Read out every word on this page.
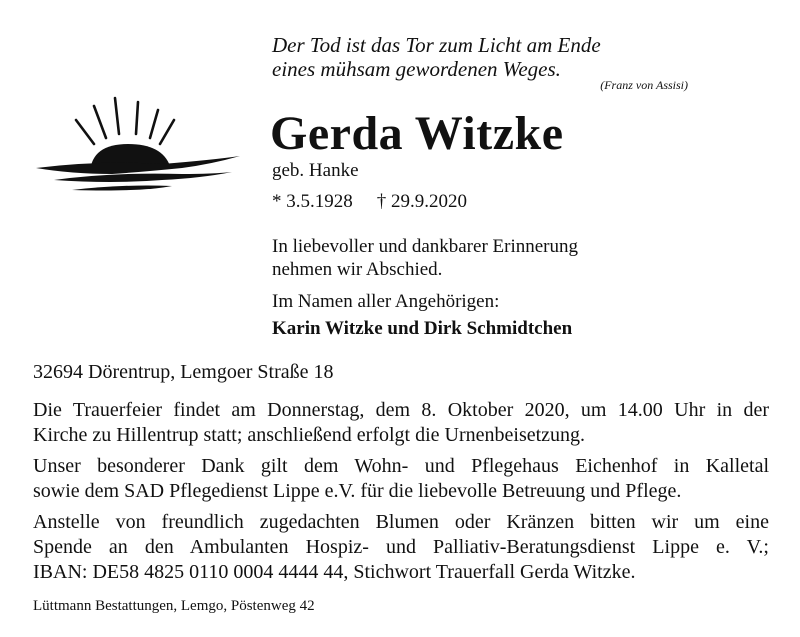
Der Tod ist das Tor zum Licht am Ende
eines mühsam gewordenen Weges.
(Franz von Assisi)
Gerda Witzke
geb. Hanke
* 3.5.1928 † 29.9.2020
In liebevoller und dankbarer Erinnerung
nehmen wir Abschied.
Im Namen aller Angehörigen:
Karin Witzke und Dirk Schmidtchen
32694 Dörentrup, Lemgoer Straße 18
Die Trauerfeier findet am Donnerstag, dem 8. Oktober 2020, um 14.00 Uhr in der
Kirche zu Hillentrup statt; anschließend erfolgt die Urnenbeisetzung.
Unser besonderer Dank gilt dem Wohn- und Pflegehaus Eichenhof in Kalletal
sowie dem SAD Pflegedienst Lippe e.V. für die liebevolle Betreuung und Pflege.
Anstelle von freundlich zugedachten Blumen oder Kränzen bitten wir um eine
Spende an den Ambulanten Hospiz- und Palliativ-Beratungsdienst Lippe e. V.;
IBAN: DE58 4825 0110 0004 4444 44, Stichwort Trauerfall Gerda Witzke.
Lüttmann Bestattungen, Lemgo, Pöstenweg 42
